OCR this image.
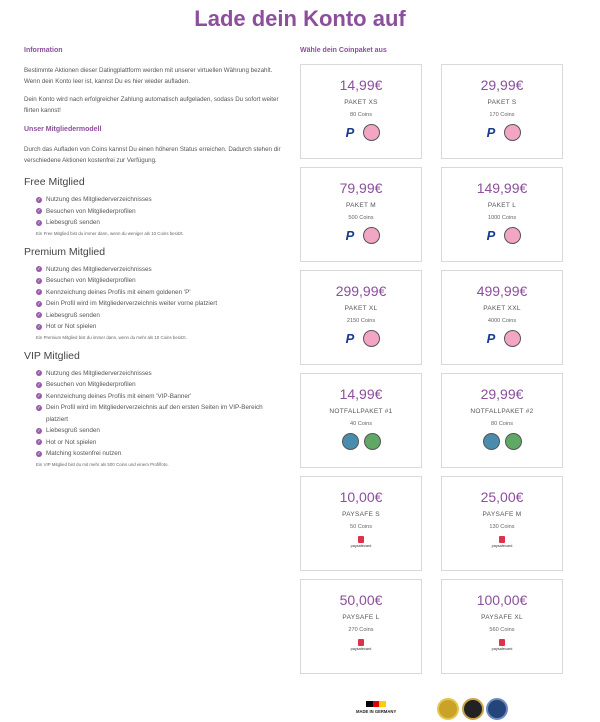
Lade dein Konto auf
Information
Bestimmte Aktionen dieser Datingplattform werden mit unserer virtuellen Währung bezahlt. Wenn dein Konto leer ist, kannst Du es hier wieder aufladen.
Dein Konto wird nach erfolgreicher Zahlung automatisch aufgeladen, sodass Du sofort weiter flirten kannst!
Unser Mitgliedermodell
Durch das Aufladen von Coins kannst Du einen höheren Status erreichen. Dadurch stehen dir verschiedene Aktionen kostenfrei zur Verfügung.
Free Mitglied
✓ Nutzung des Mitgliederverzeichnisses
✓ Besuchen von Mitgliederprofilen
✓ Liebesgruß senden
Ein Free Mitglied bist du immer dann, wenn du weniger als 10 Coins besitzt.
Premium Mitglied
✓ Nutzung des Mitgliederverzeichnisses
✓ Besuchen von Mitgliederprofilen
✓ Kennzeichung deines Profils mit einem goldenen 'P'
✓ Dein Profil wird im Mitgliederverzeichnis weiter vorne platziert
✓ Liebesgruß senden
✓ Hot or Not spielen
Ein Premium Mitglied bist du immer dann, wenn du mehr als 10 Coins besitzt.
VIP Mitglied
✓ Nutzung des Mitgliederverzeichnisses
✓ Besuchen von Mitgliederprofilen
✓ Kennzeichung deines Profils mit einem 'VIP-Banner'
✓ Dein Profil wird im Mitgliederverzeichnis auf den ersten Seiten im VIP-Bereich platziert
✓ Liebesgruß senden
✓ Hot or Not spielen
✓ Matching kostenfrei nutzen
Ein VIP Mitglied bist du mit mehr als 500 Coins und einem Profilfoto.
Wähle dein Coinpaket aus
14,99€
PAKET XS
80 Coins
P
29,99€
PAKET S
170 Coins
P
79,99€
PAKET M
500 Coins
P
149,99€
PAKET L
1000 Coins
P
299,99€
PAKET XL
2150 Coins
P
499,99€
PAKET XXL
4000 Coins
P
14,99€
NOTFALLPAKET #1
40 Coins
29,99€
NOTFALLPAKET #2
80 Coins
10,00€
PAYSAFE S
50 Coins
paysafecard
25,00€
PAYSAFE M
130 Coins
paysafecard
50,00€
PAYSAFE L
270 Coins
paysafecard
100,00€
PAYSAFE XL
560 Coins
paysafecard
MADE IN GERMANY
